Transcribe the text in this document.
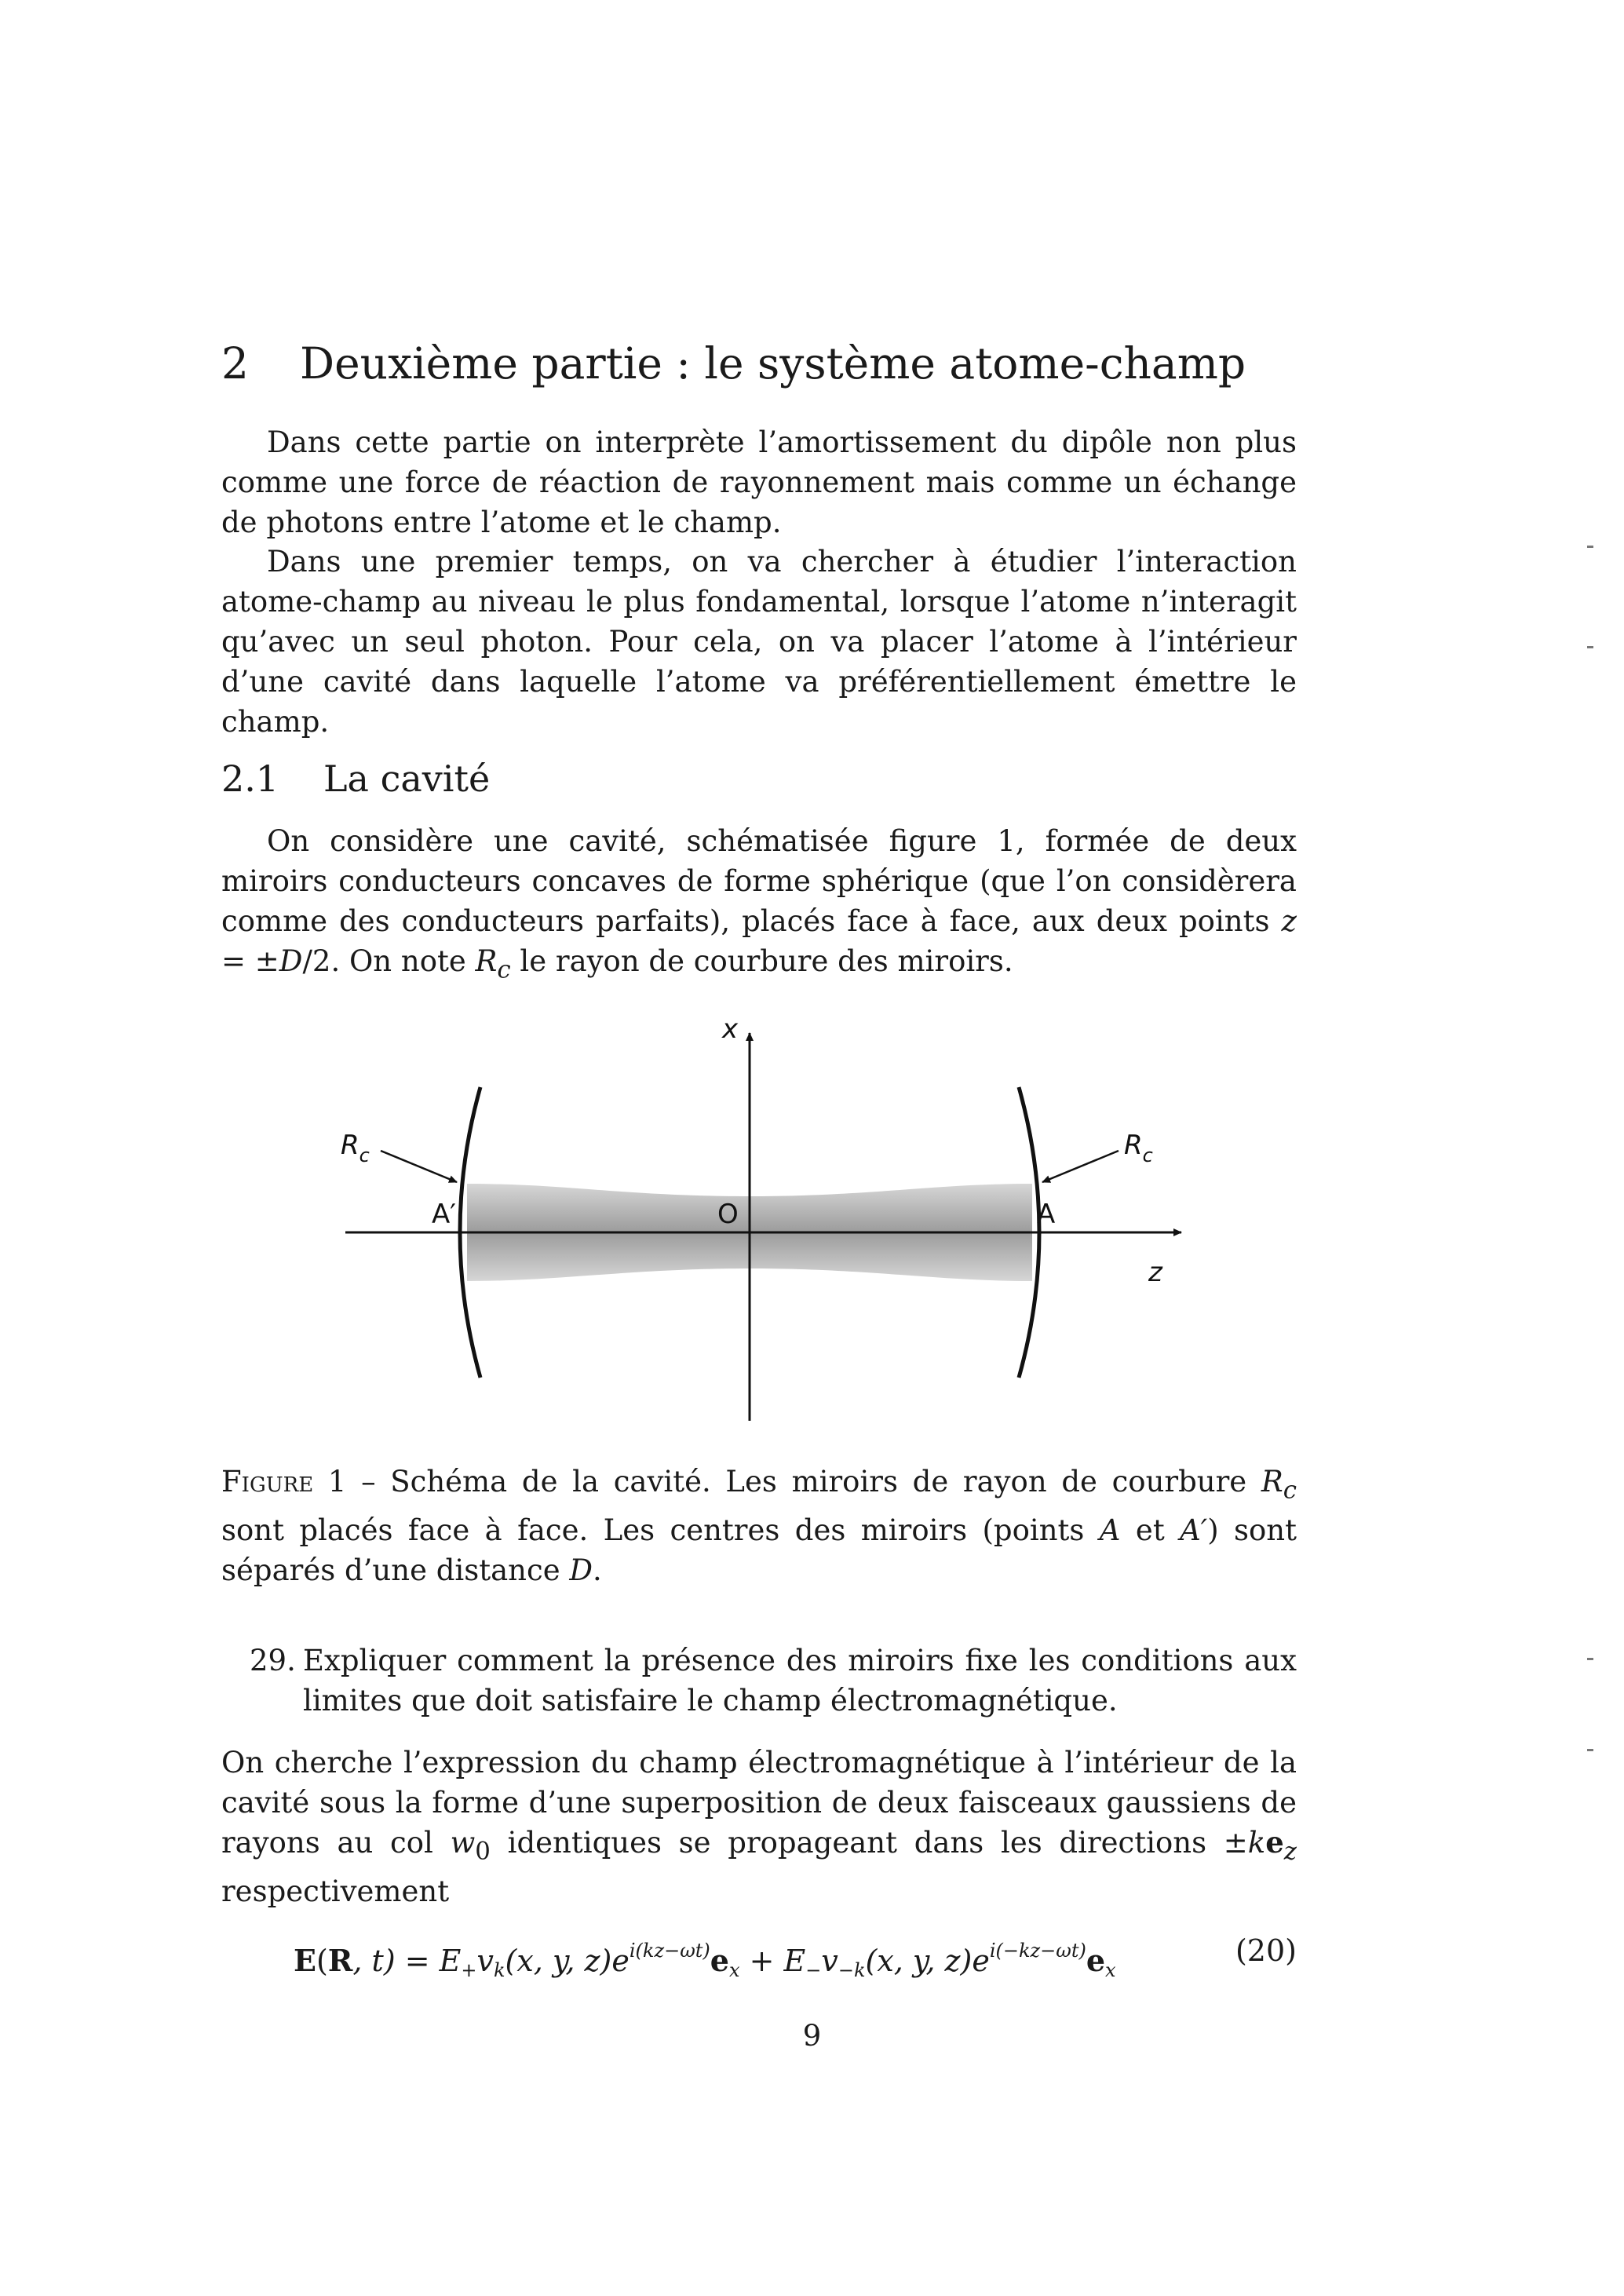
2 Deuxième partie : le système atome-champ

Dans cette partie on interprète l’amortissement du dipôle non plus comme une force de réaction de rayonnement mais comme un échange de photons entre l’atome et le champ.

Dans une premier temps, on va chercher à étudier l’interaction atome-champ au niveau le plus fondamental, lorsque l’atome n’interagit qu’avec un seul photon. Pour cela, on va placer l’atome à l’intérieur d’une cavité dans laquelle l’atome va préférentiellement émettre le champ.

2.1 La cavité

On considère une cavité, schématisée figure 1, formée de deux miroirs conducteurs concaves de forme sphérique (que l’on considèrera comme des conducteurs parfaits), placés face à face, aux deux points z = ±D/2. On note $R_c$ le rayon de courbure des miroirs.

x
z
O	A
A′
$R_c$	$R_c$

Figure 1 – Schéma de la cavité. Les miroirs de rayon de courbure $R_c$ sont placés face à face. Les centres des miroirs (points A et A′) sont séparés d’une distance D.

29. Expliquer comment la présence des miroirs fixe les conditions aux limites que doit satisfaire le champ électromagnétique.

On cherche l’expression du champ électromagnétique à l’intérieur de la cavité sous la forme d’une superposition de deux faisceaux gaussiens de rayons au col $w_0$ identiques se propageant dans les directions $\pm ke_z$ respectivement

E(R, $t) = E_+v_k(x$, y, $z)e^{i(kz-\omega t)}e_x + E_-v_{-k}(x$, y, $z)e^{i(-kz-\omega t)}e_x$
(20)
9
